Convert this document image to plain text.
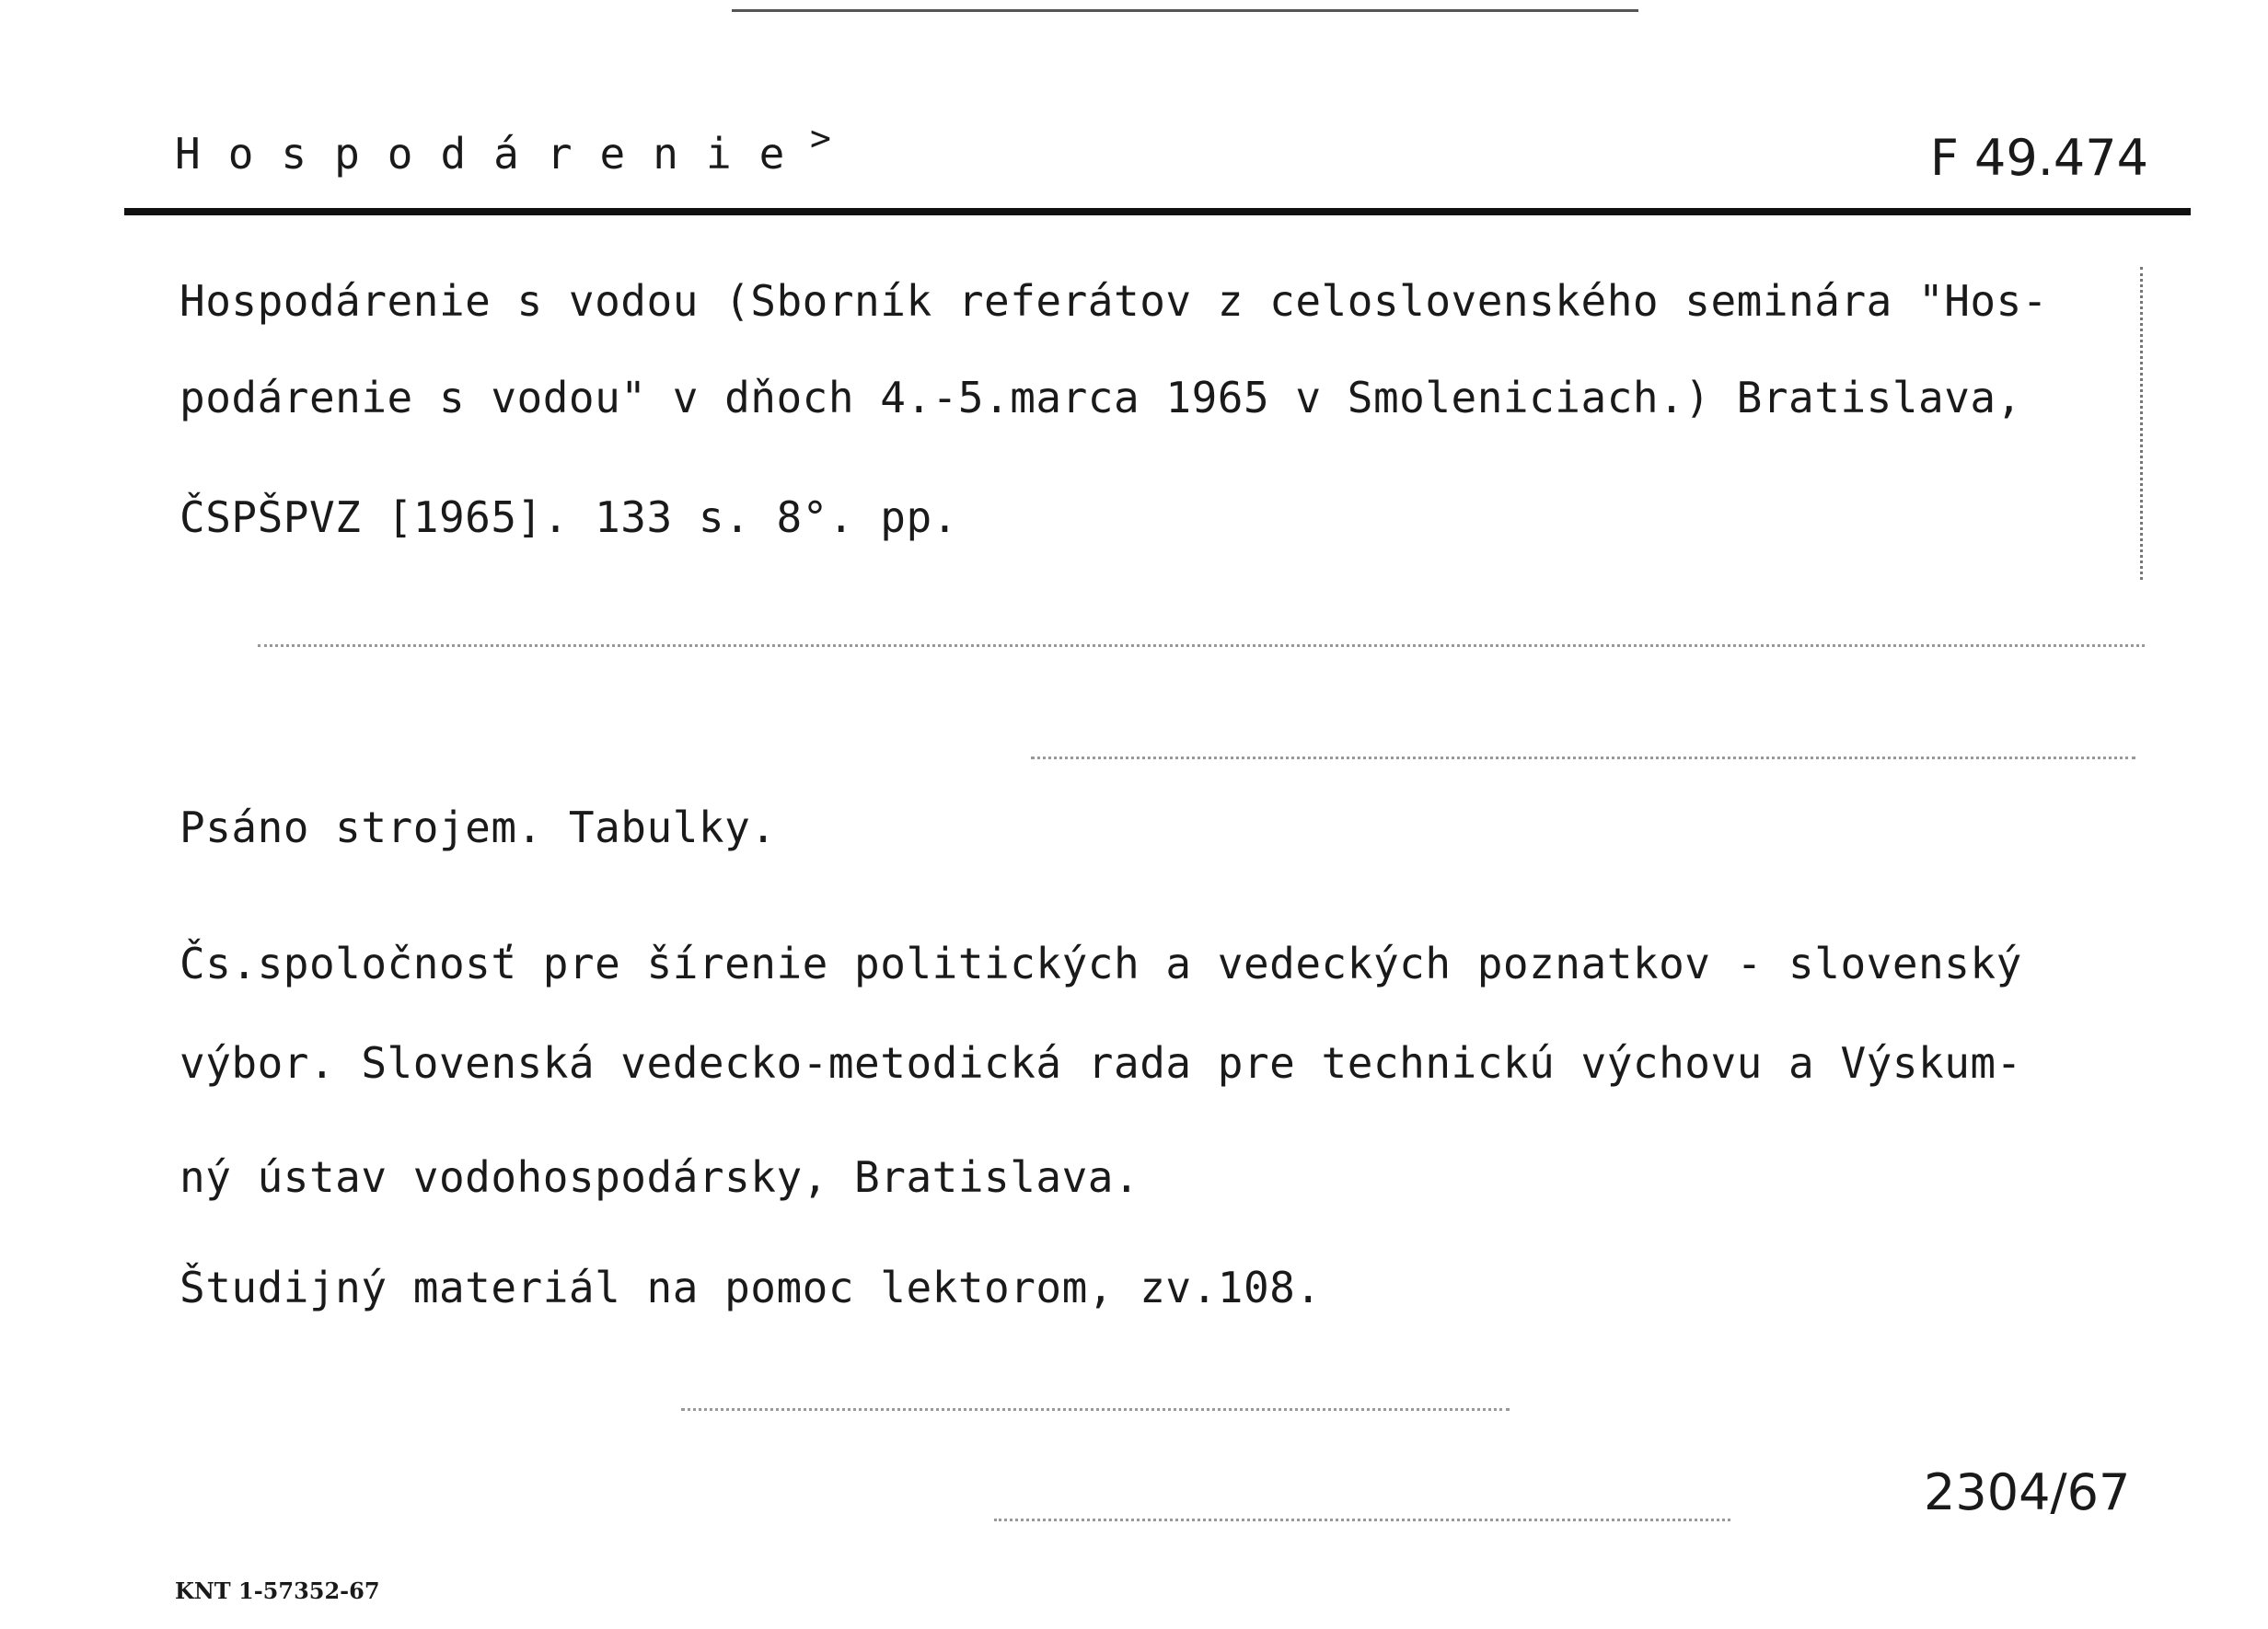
Hospodárenie
>	F 49.474
Hospodárenie s vodou (Sborník referátov z celoslovenského seminára "Hos-
podárenie s vodou" v dňoch 4.-5.marca 1965 v Smoleniciach.) Bratislava,
ČSPŠPVZ [1965]. 133 s. 8°. pp.
Psáno strojem. Tabulky.
Čs.spoločnosť pre šírenie politických a vedeckých poznatkov - slovenský
výbor. Slovenská vedecko-metodická rada pre technickú výchovu a Výskum-
ný ústav vodohospodársky, Bratislava.
Študijný materiál na pomoc lektorom, zv.108.
2304/67
KNT 1-57352-67
